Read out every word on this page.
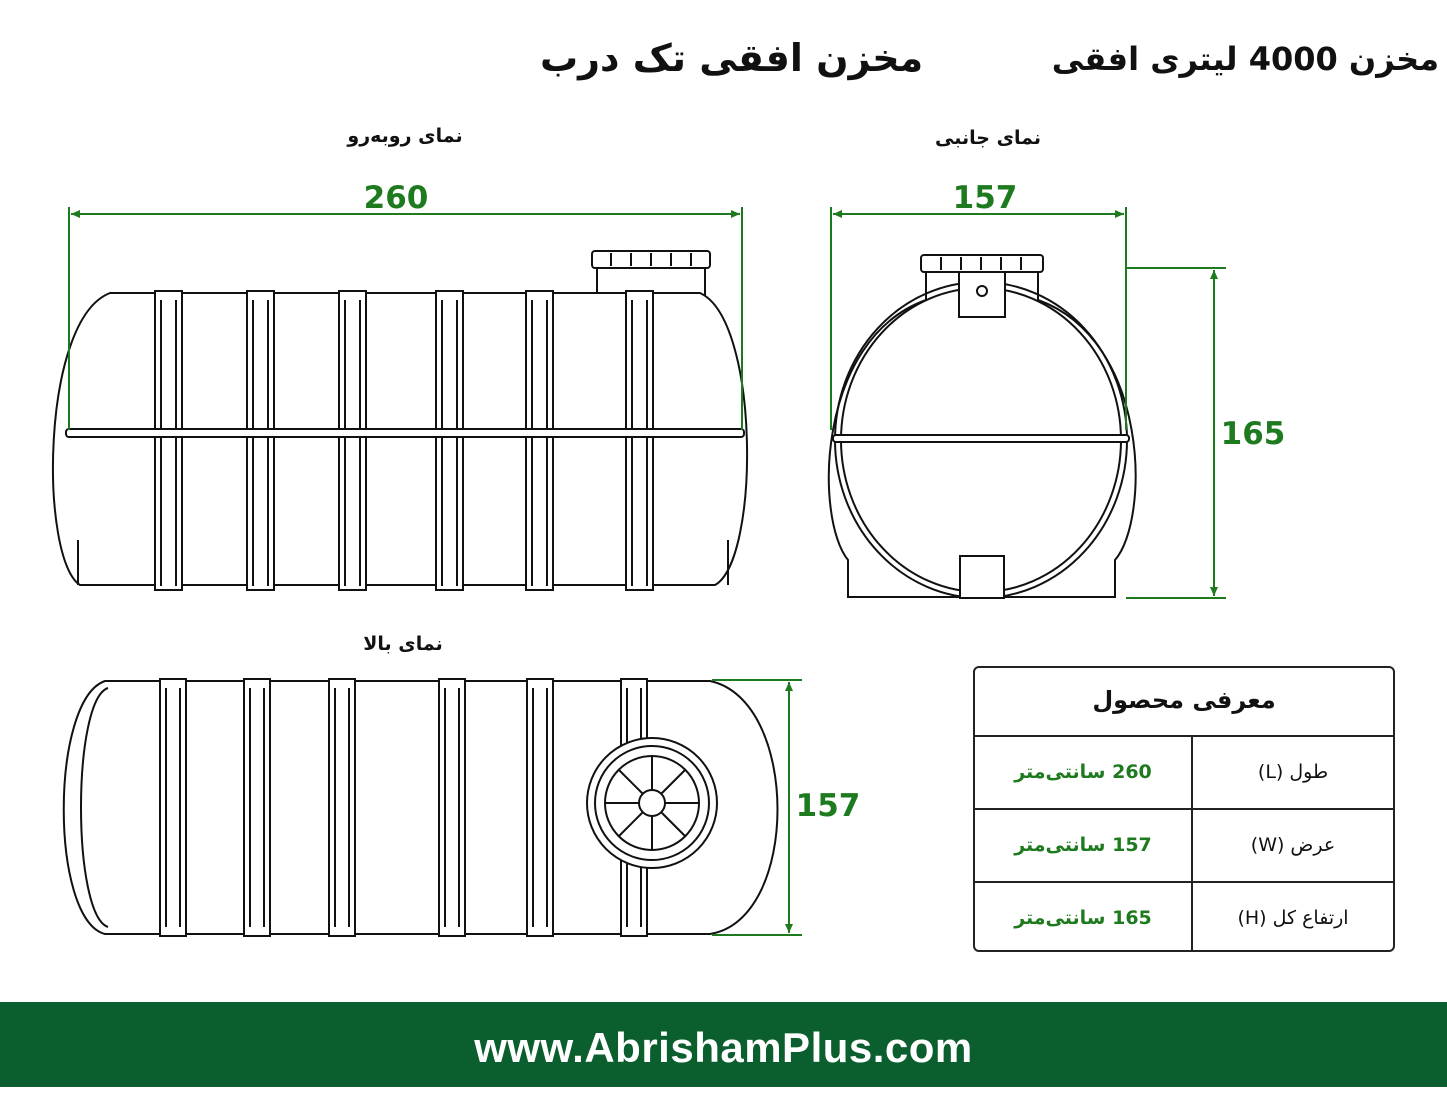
مخزن افقی تک درب	مخزن 4000 لیتری افقی
نمای روبه‌رو	نمای جانبی
نمای بالا
260	157
165
157
معرفی محصول
260 سانتی‌متر	طول (L)
157 سانتی‌متر	عرض (W)
165 سانتی‌متر	ارتفاع کل (H)
www.AbrishamPlus.com
